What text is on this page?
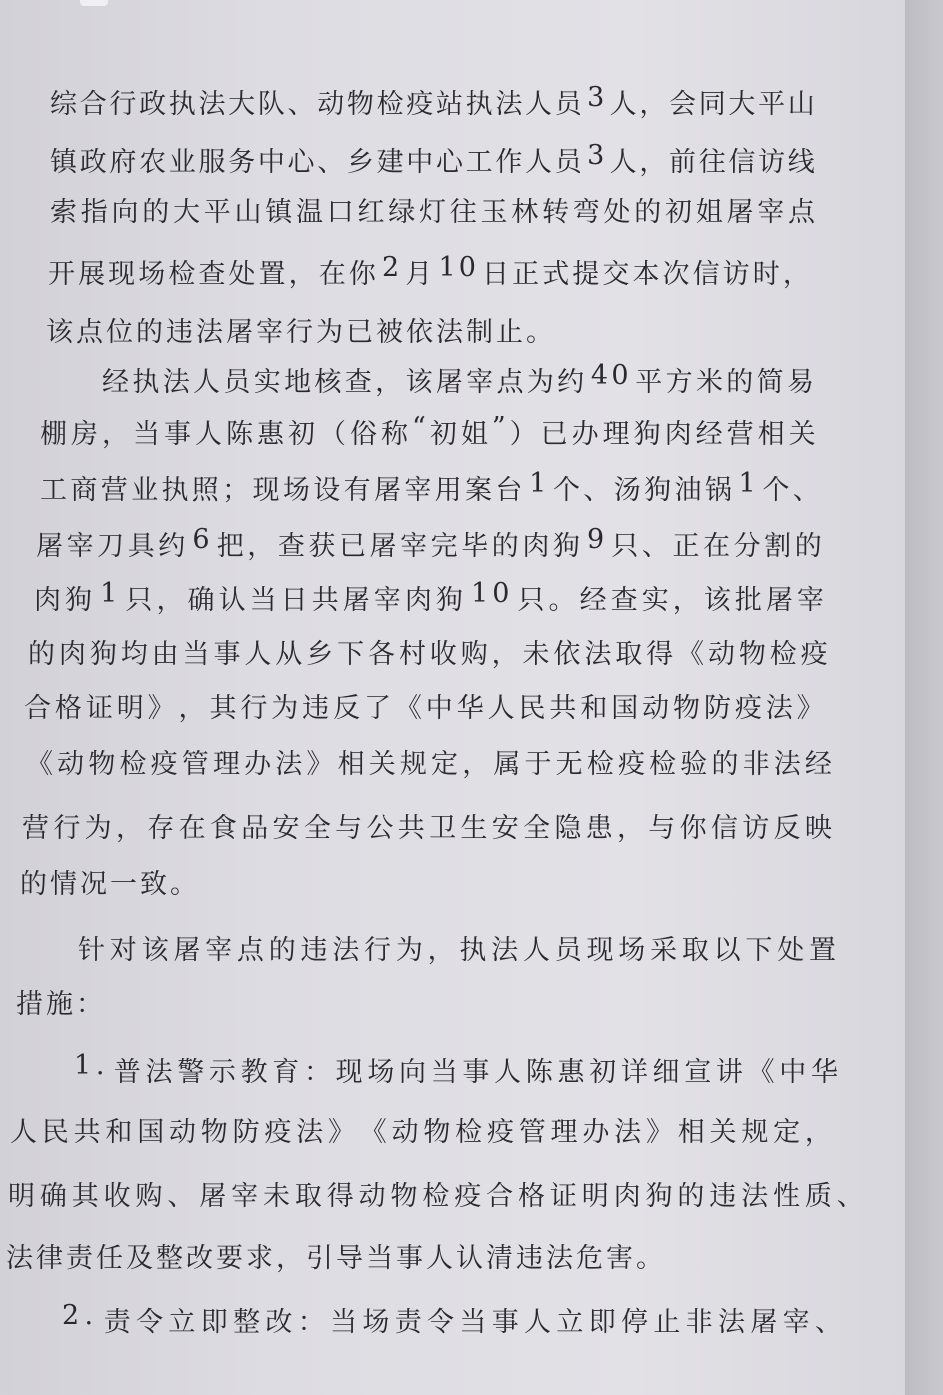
综 合 行 政 执 法 大 队 、 动 物 检 疫 站 执 法 人 员 3 人 ， 会 同 大 平 山
镇 政 府 农 业 服 务 中 心 、 乡 建 中 心 工 作 人 员 3 人 ， 前 往 信 访 线
索 指 向 的 大 平 山 镇 温 口 红 绿 灯 往 玉 林 转 弯 处 的 初 姐 屠 宰 点
开 展 现 场 检 查 处 置 ， 在 你 2 月 1 0 日 正 式 提 交 本 次 信 访 时 ，
该点位的违法屠宰行为已被依法制止。
经 执 法 人 员 实 地 核 查 ， 该 屠 宰 点 为 约 4 0 平 方 米 的 简 易
棚 房 ， 当 事 人 陈 惠 初 （ 俗 称 “ 初 姐 ” ） 已 办 理 狗 肉 经 营 相 关
工 商 营 业 执 照 ； 现 场 设 有 屠 宰 用 案 台 1 个 、 汤 狗 油 锅 1 个 、
屠 宰 刀 具 约 6 把 ， 查 获 已 屠 宰 完 毕 的 肉 狗 9 只 、 正 在 分 割 的
肉 狗 1 只 ， 确 认 当 日 共 屠 宰 肉 狗 1 0 只 。 经 查 实 ， 该 批 屠 宰
的 肉 狗 均 由 当 事 人 从 乡 下 各 村 收 购 ， 未 依 法 取 得 《 动 物 检 疫
合 格 证 明 》 ， 其 行 为 违 反 了 《 中 华 人 民 共 和 国 动 物 防 疫 法 》
《 动 物 检 疫 管 理 办 法 》 相 关 规 定 ， 属 于 无 检 疫 检 验 的 非 法 经
营 行 为 ， 存 在 食 品 安 全 与 公 共 卫 生 安 全 隐 患 ， 与 你 信 访 反 映
的情况一致。
针 对 该 屠 宰 点 的 违 法 行 为 ， 执 法 人 员 现 场 采 取 以 下 处 置
措施：
1 . 普 法 警 示 教 育 ： 现 场 向 当 事 人 陈 惠 初 详 细 宣 讲 《 中 华
人 民 共 和 国 动 物 防 疫 法 》 《 动 物 检 疫 管 理 办 法 》 相 关 规 定 ，
明 确 其 收 购 、 屠 宰 未 取 得 动 物 检 疫 合 格 证 明 肉 狗 的 违 法 性 质 、
法律责任及整改要求，引导当事人认清违法危害。
2 . 责 令 立 即 整 改 ： 当 场 责 令 当 事 人 立 即 停 止 非 法 屠 宰 、
